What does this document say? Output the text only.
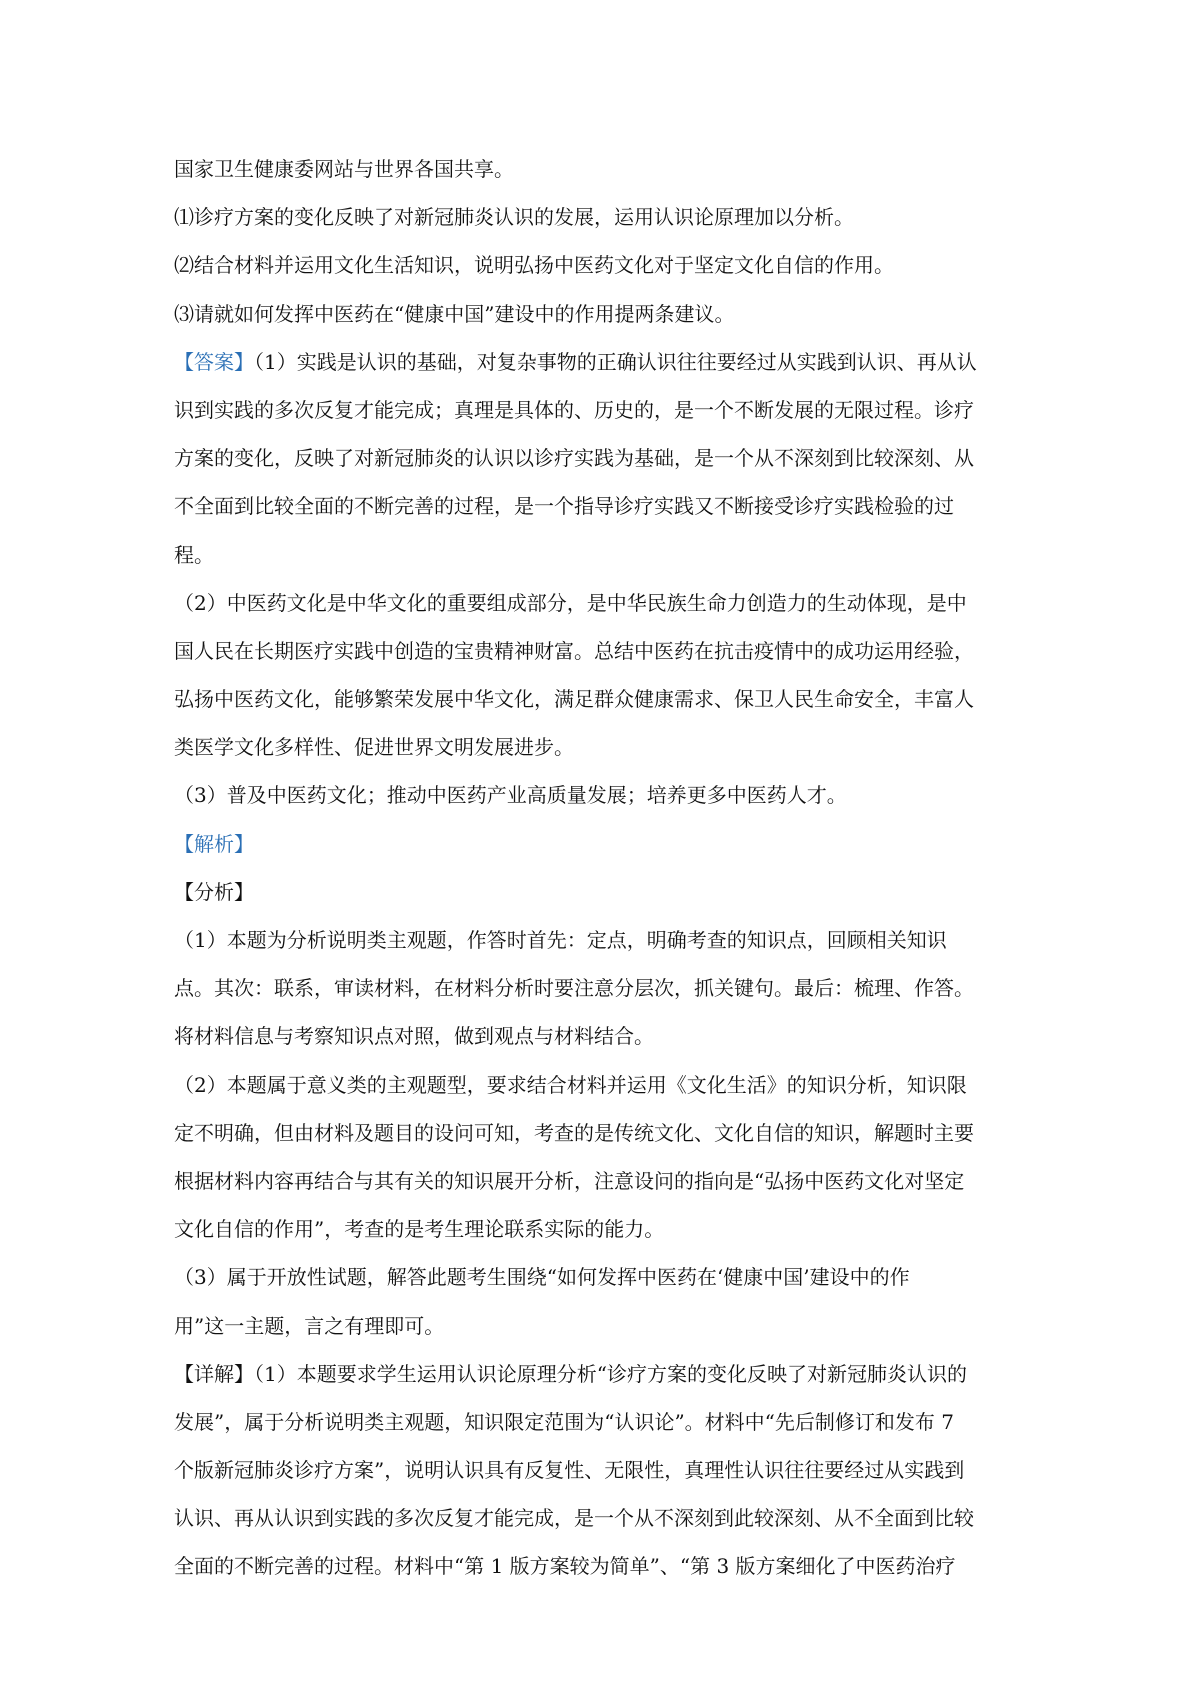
国家卫生健康委网站与世界各国共享。
⑴诊疗方案的变化反映了对新冠肺炎认识的发展，运用认识论原理加以分析。
⑵结合材料并运用文化生活知识，说明弘扬中医药文化对于坚定文化自信的作用。
⑶请就如何发挥中医药在“健康中国”建设中的作用提两条建议。
【答案】（1）实践是认识的基础，对复杂事物的正确认识往往要经过从实践到认识、再从认
识到实践的多次反复才能完成；真理是具体的、历史的，是一个不断发展的无限过程。诊疗
方案的变化，反映了对新冠肺炎的认识以诊疗实践为基础，是一个从不深刻到比较深刻、从
不全面到比较全面的不断完善的过程，是一个指导诊疗实践又不断接受诊疗实践检验的过
程。
（2）中医药文化是中华文化的重要组成部分，是中华民族生命力创造力的生动体现，是中
国人民在长期医疗实践中创造的宝贵精神财富。总结中医药在抗击疫情中的成功运用经验，
弘扬中医药文化，能够繁荣发展中华文化，满足群众健康需求、保卫人民生命安全，丰富人
类医学文化多样性、促进世界文明发展进步。
（3）普及中医药文化；推动中医药产业高质量发展；培养更多中医药人才。
【解析】
【分析】
（1）本题为分析说明类主观题，作答时首先：定点，明确考查的知识点，回顾相关知识
点。其次：联系，审读材料，在材料分析时要注意分层次，抓关键句。最后：梳理、作答。
将材料信息与考察知识点对照，做到观点与材料结合。
（2）本题属于意义类的主观题型，要求结合材料并运用《文化生活》的知识分析，知识限
定不明确，但由材料及题目的设问可知，考查的是传统文化、文化自信的知识，解题时主要
根据材料内容再结合与其有关的知识展开分析，注意设问的指向是“弘扬中医药文化对坚定
文化自信的作用”，考查的是考生理论联系实际的能力。
（3）属于开放性试题，解答此题考生围绕“如何发挥中医药在‘健康中国’建设中的作
用”这一主题，言之有理即可。
【详解】（1）本题要求学生运用认识论原理分析“诊疗方案的变化反映了对新冠肺炎认识的
发展”，属于分析说明类主观题，知识限定范围为“认识论”。材料中“先后制修订和发布 7
个版新冠肺炎诊疗方案”，说明认识具有反复性、无限性，真理性认识往往要经过从实践到
认识、再从认识到实践的多次反复才能完成，是一个从不深刻到此较深刻、从不全面到比较
全面的不断完善的过程。材料中“第 1 版方案较为简单”、“第 3 版方案细化了中医药治疗
